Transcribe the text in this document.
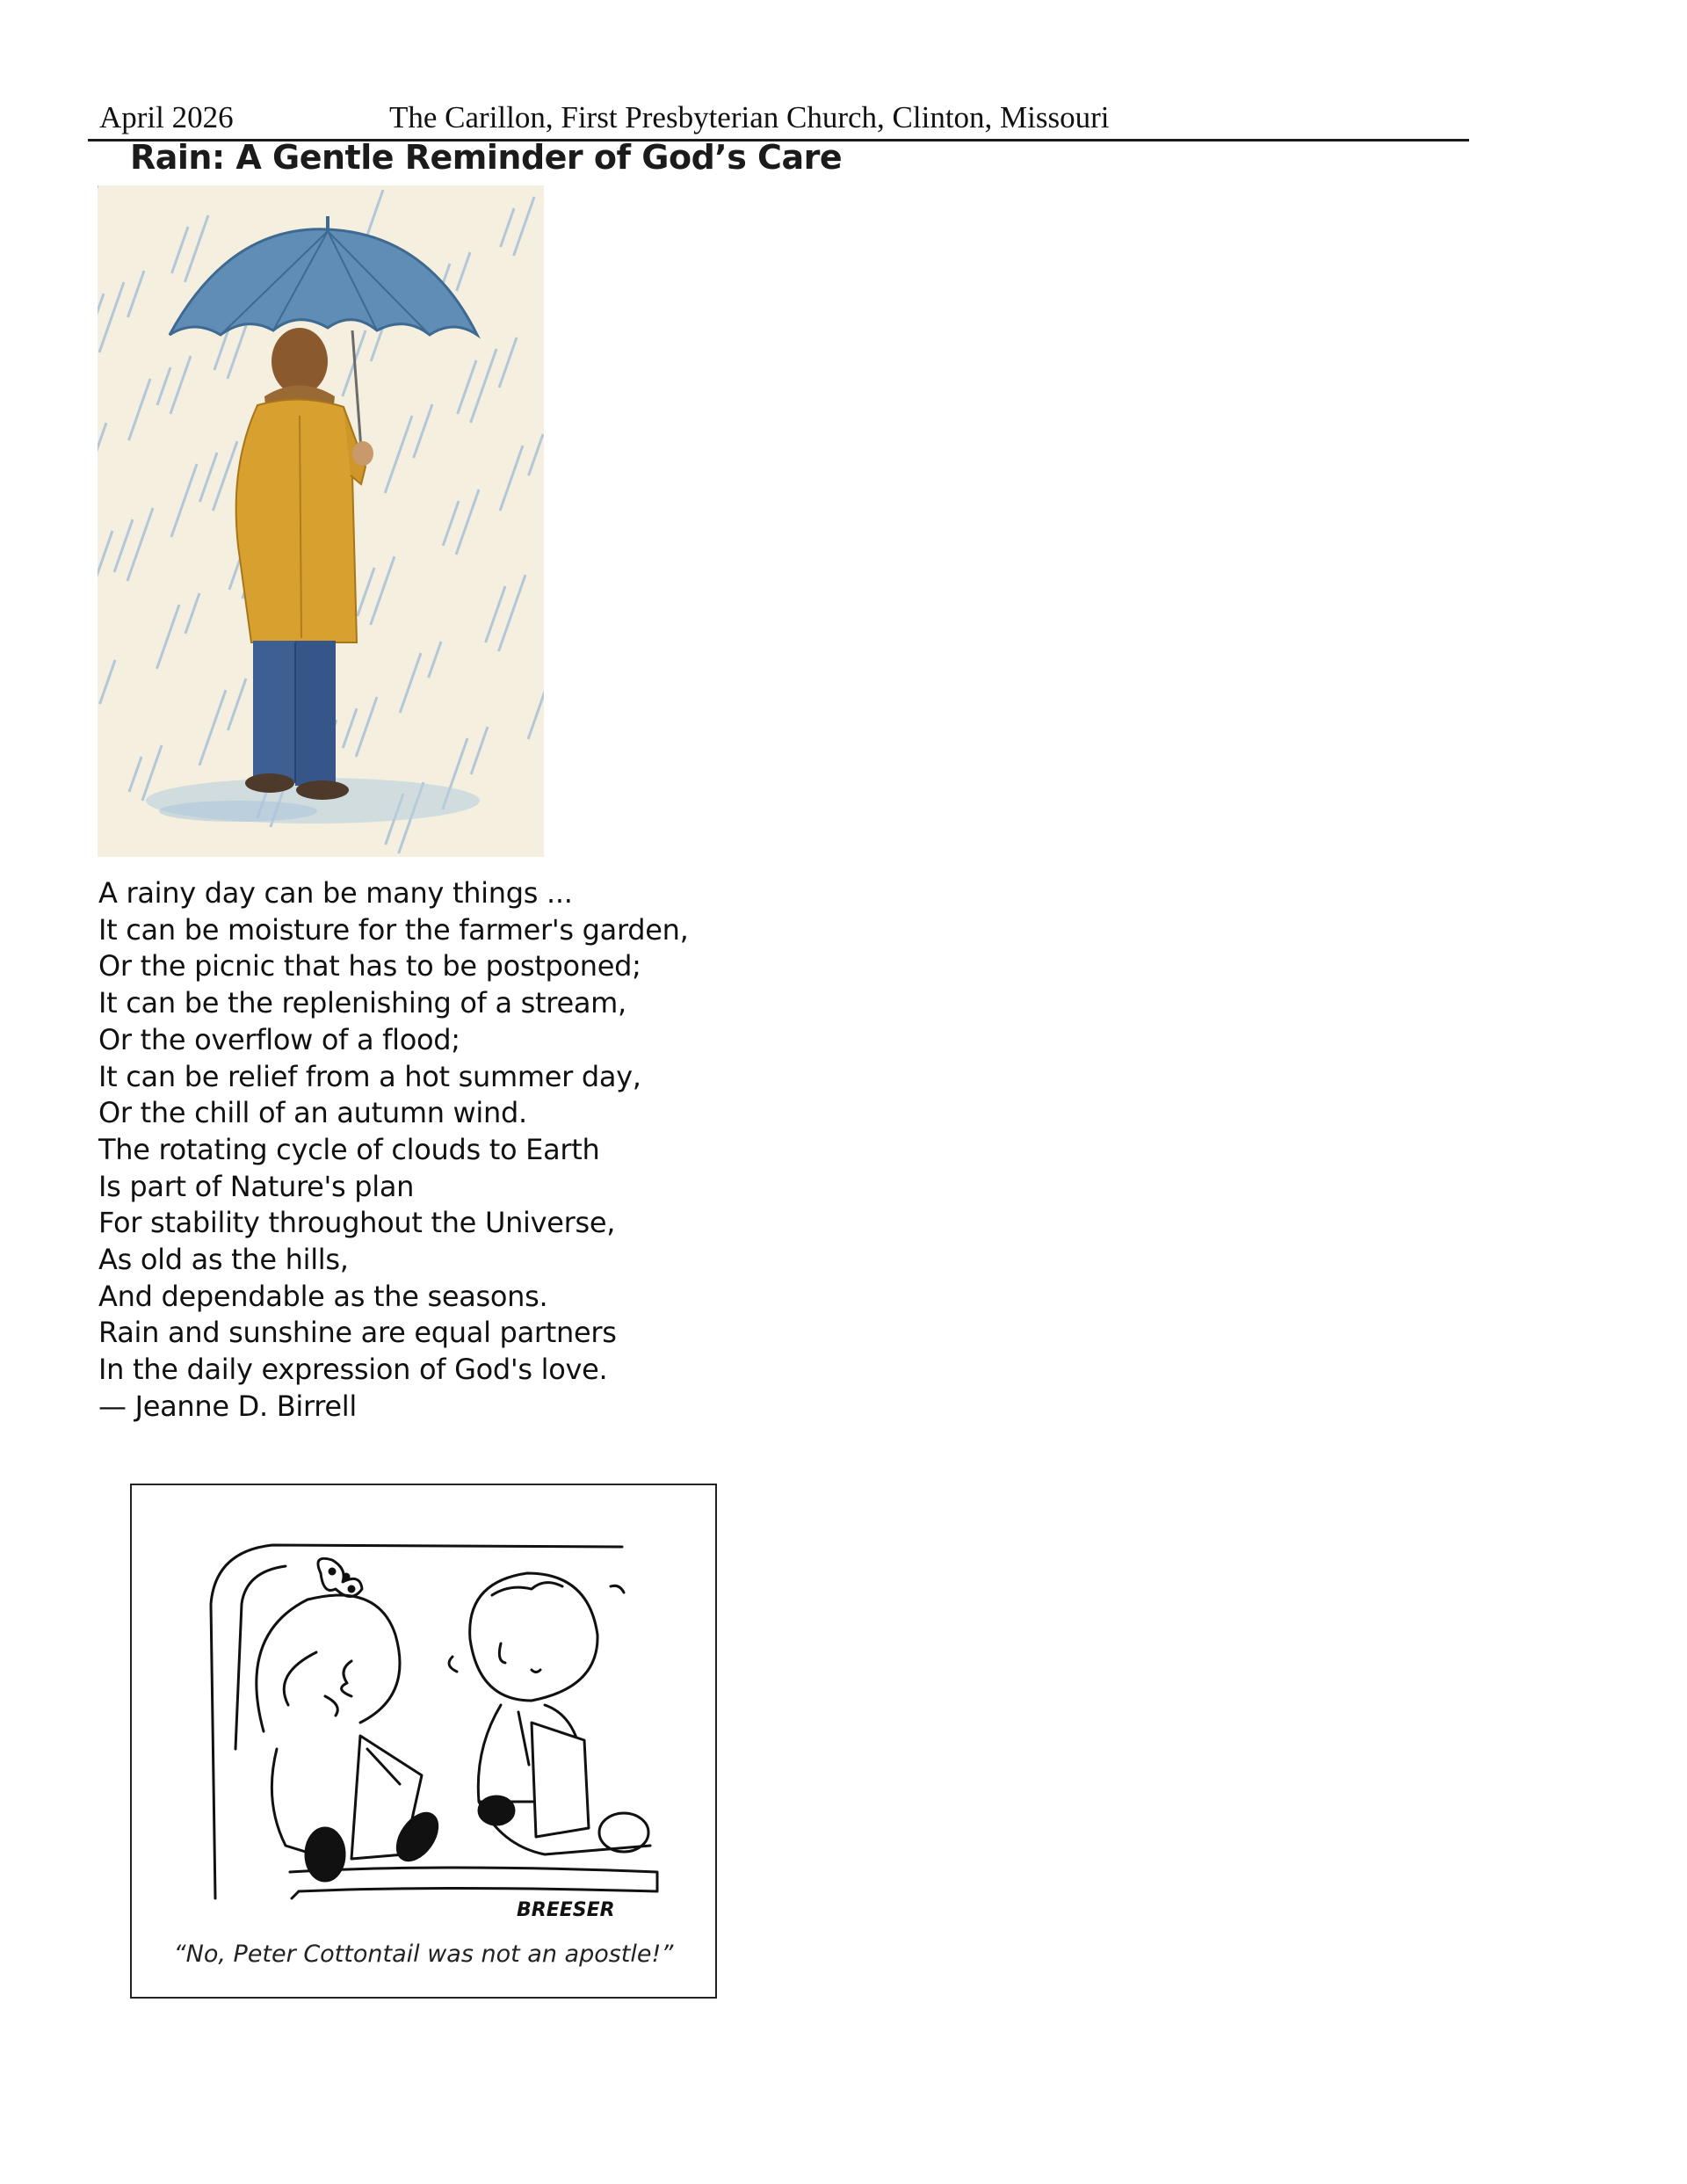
April 2026	The Carillon, First Presbyterian Church, Clinton, Missouri
Rain: A Gentle Reminder of God’s Care
A rainy day can be many things ...
It can be moisture for the farmer's garden,
Or the picnic that has to be postponed;
It can be the replenishing of a stream,
Or the overflow of a flood;
It can be relief from a hot summer day,
Or the chill of an autumn wind.
The rotating cycle of clouds to Earth
Is part of Nature's plan
For stability throughout the Universe,
As old as the hills,
And dependable as the seasons.
Rain and sunshine are equal partners
In the daily expression of God's love.
— Jeanne D. Birrell
BREESER
“No, Peter Cottontail was not an apostle!”
